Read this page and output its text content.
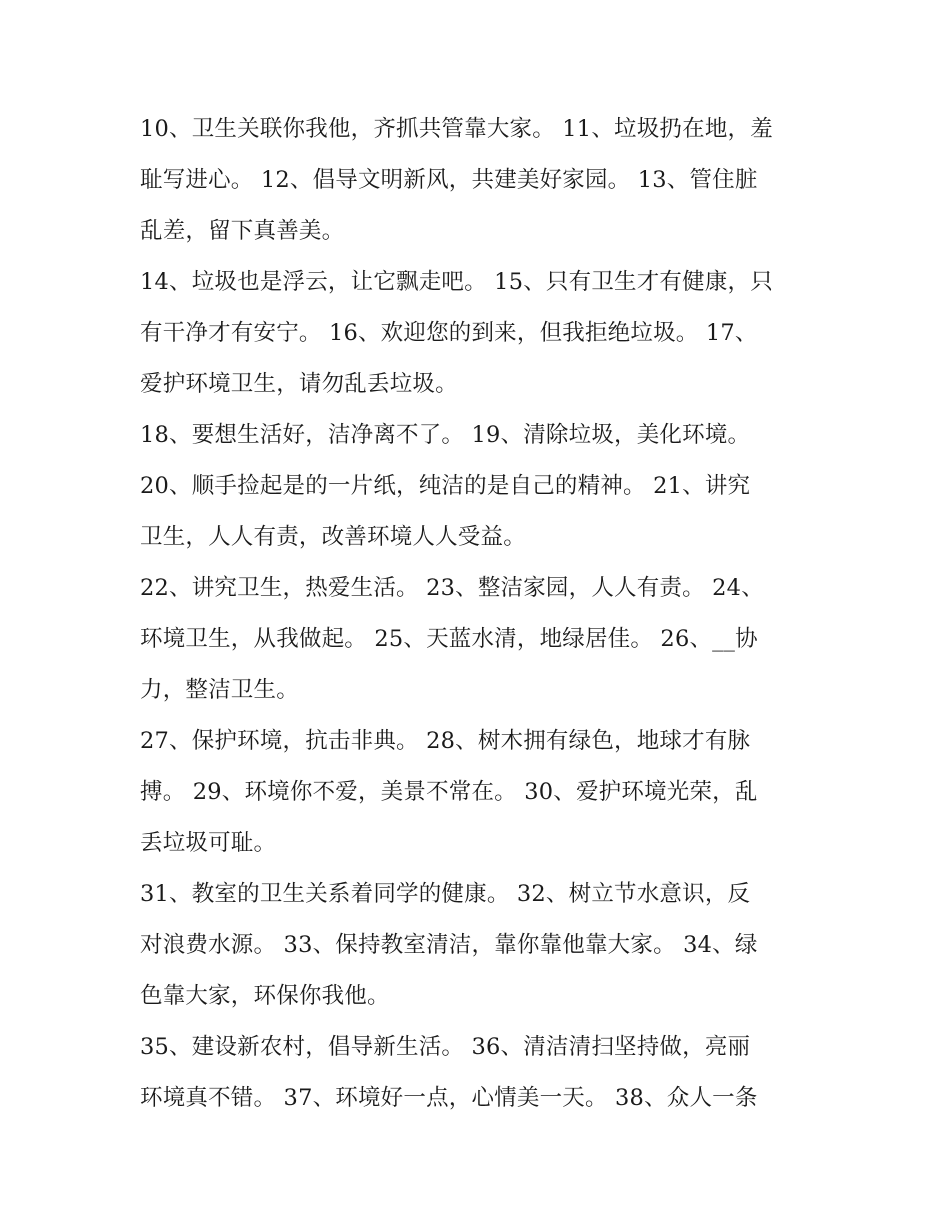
10、卫生关联你我他，齐抓共管靠大家。 11、垃圾扔在地，羞
耻写进心。 12、倡导文明新风，共建美好家园。 13、管住脏
乱差，留下真善美。

14、垃圾也是浮云，让它飘走吧。 15、只有卫生才有健康，只
有干净才有安宁。 16、欢迎您的到来，但我拒绝垃圾。 17、
爱护环境卫生，请勿乱丢垃圾。

18、要想生活好，洁净离不了。 19、清除垃圾，美化环境。

20、顺手捡起是的一片纸，纯洁的是自己的精神。 21、讲究
卫生，人人有责，改善环境人人受益。

22、讲究卫生，热爱生活。 23、整洁家园，人人有责。 24、
环境卫生，从我做起。 25、天蓝水清，地绿居佳。 26、__协
力，整洁卫生。

27、保护环境，抗击非典。 28、树木拥有绿色，地球才有脉
搏。 29、环境你不爱，美景不常在。 30、爱护环境光荣，乱
丢垃圾可耻。

31、教室的卫生关系着同学的健康。 32、树立节水意识，反
对浪费水源。 33、保持教室清洁，靠你靠他靠大家。 34、绿
色靠大家，环保你我他。

35、建设新农村，倡导新生活。 36、清洁清扫坚持做，亮丽
环境真不错。 37、环境好一点，心情美一天。 38、众人一条
